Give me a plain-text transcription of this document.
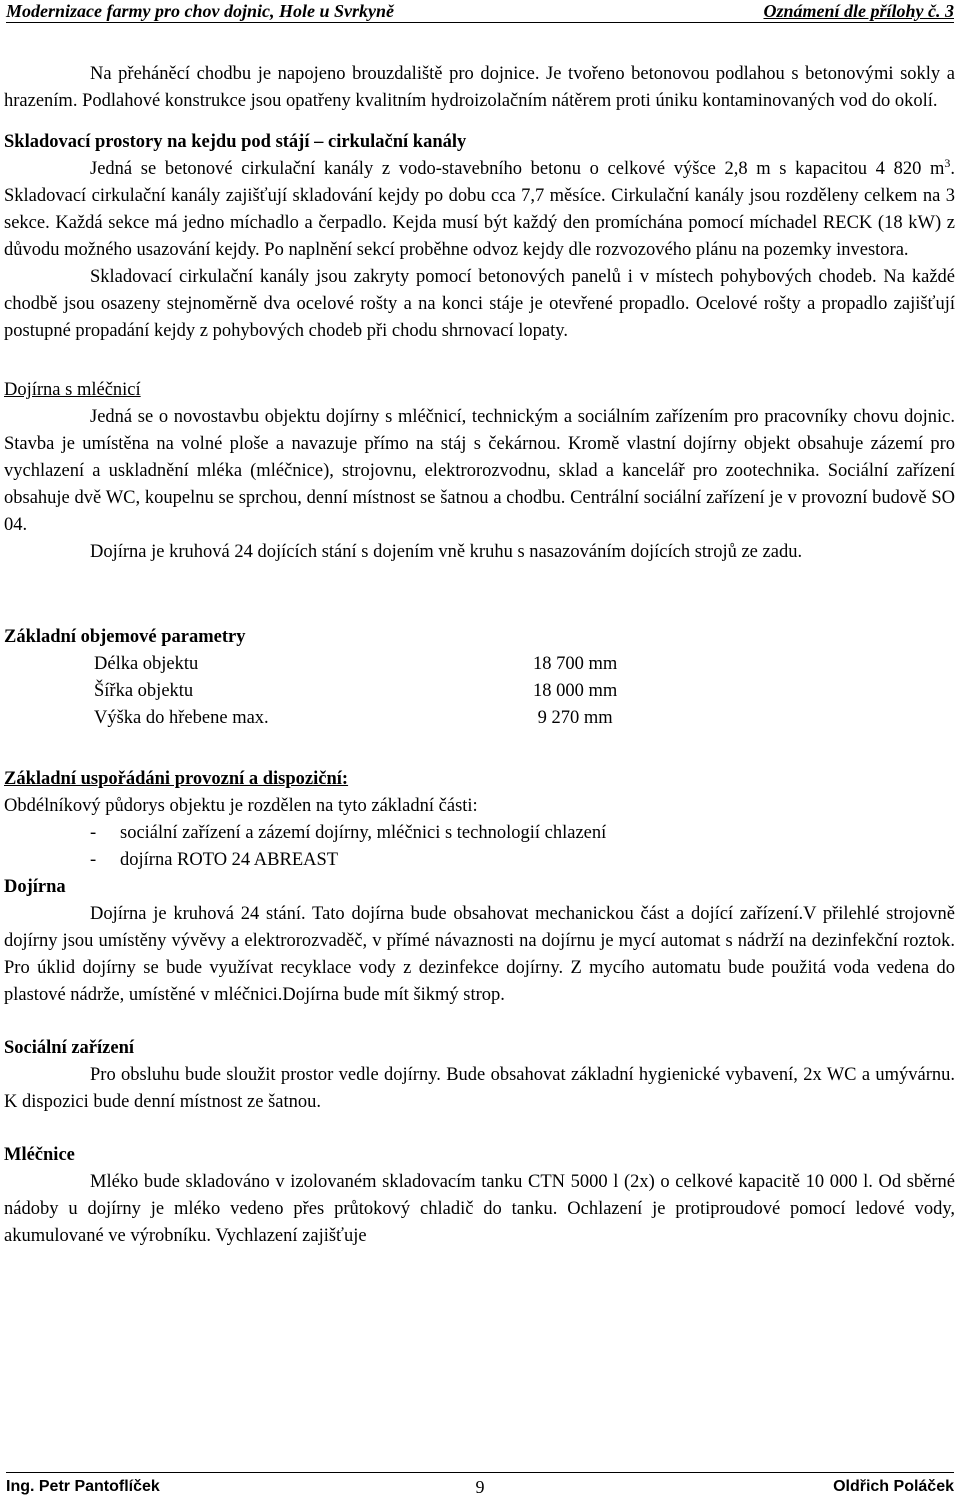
Modernizace farmy pro chov dojnic, Hole u Svrkyně	Oznámení dle přílohy č. 3

Na přeháněcí chodbu je napojeno brouzdaliště pro dojnice. Je tvořeno betonovou podlahou s betonovými sokly a hrazením. Podlahové konstrukce jsou opatřeny kvalitním hydroizolačním nátěrem proti úniku kontaminovaných vod do okolí.

Skladovací prostory na kejdu pod stájí – cirkulační kanály

Jedná se betonové cirkulační kanály z vodo-stavebního betonu o celkové výšce 2,8 m s kapacitou 4 820 $m^3$. Skladovací cirkulační kanály zajišťují skladování kejdy po dobu cca 7,7 měsíce. Cirkulační kanály jsou rozděleny celkem na 3 sekce. Každá sekce má jedno míchadlo a čerpadlo. Kejda musí být každý den promíchána pomocí míchadel RECK (18 kW) z důvodu možného usazování kejdy. Po naplnění sekcí proběhne odvoz kejdy dle rozvozového plánu na pozemky investora.

Skladovací cirkulační kanály jsou zakryty pomocí betonových panelů i v místech pohybových chodeb. Na každé chodbě jsou osazeny stejnoměrně dva ocelové rošty a na konci stáje je otevřené propadlo. Ocelové rošty a propadlo zajišťují postupné propadání kejdy z pohybových chodeb při chodu shrnovací lopaty.

Dojírna s mléčnicí

Jedná se o novostavbu objektu dojírny s mléčnicí, technickým a sociálním zařízením pro pracovníky chovu dojnic. Stavba je umístěna na volné ploše a navazuje přímo na stáj s čekárnou. Kromě vlastní dojírny objekt obsahuje zázemí pro vychlazení a uskladnění mléka (mléčnice), strojovnu, elektrorozvodnu, sklad a kancelář pro zootechnika. Sociální zařízení obsahuje dvě WC, koupelnu se sprchou, denní místnost se šatnou a chodbu. Centrální sociální zařízení je v provozní budově SO 04.

Dojírna je kruhová 24 dojících stání s dojením vně kruhu s nasazováním dojících strojů ze zadu.

Základní objemové parametry

Délka objektu	18 700 mm
Šířka objektu	18 000 mm
Výška do hřebene max.	9 270 mm

Základní uspořádáni provozní a dispoziční:

Obdélníkový půdorys objektu je rozdělen na tyto základní části:

- sociální zařízení a zázemí dojírny, mléčnici s technologií chlazení

- dojírna ROTO 24 ABREAST

Dojírna

Dojírna je kruhová 24 stání. Tato dojírna bude obsahovat mechanickou část a dojící zařízení.V přilehlé strojovně dojírny jsou umístěny vývěvy a elektrorozvaděč, v přímé návaznosti na dojírnu je mycí automat s nádrží na dezinfekční roztok. Pro úklid dojírny se bude využívat recyklace vody z dezinfekce dojírny. Z mycího automatu bude použitá voda vedena do plastové nádrže, umístěné v mléčnici.Dojírna bude mít šikmý strop.

Sociální zařízení

Pro obsluhu bude sloužit prostor vedle dojírny. Bude obsahovat základní hygienické vybavení, 2x WC a umývárnu. K dispozici bude denní místnost ze šatnou.

Mléčnice

Mléko bude skladováno v izolovaném skladovacím tanku CTN 5000 l (2x) o celkové kapacitě 10 000 l. Od sběrné nádoby u dojírny je mléko vedeno přes průtokový chladič do tanku. Ochlazení je protiproudové pomocí ledové vody, akumulované ve výrobníku. Vychlazení zajišťuje

Ing. Petr Pantoflíček	9	Oldřich Poláček
